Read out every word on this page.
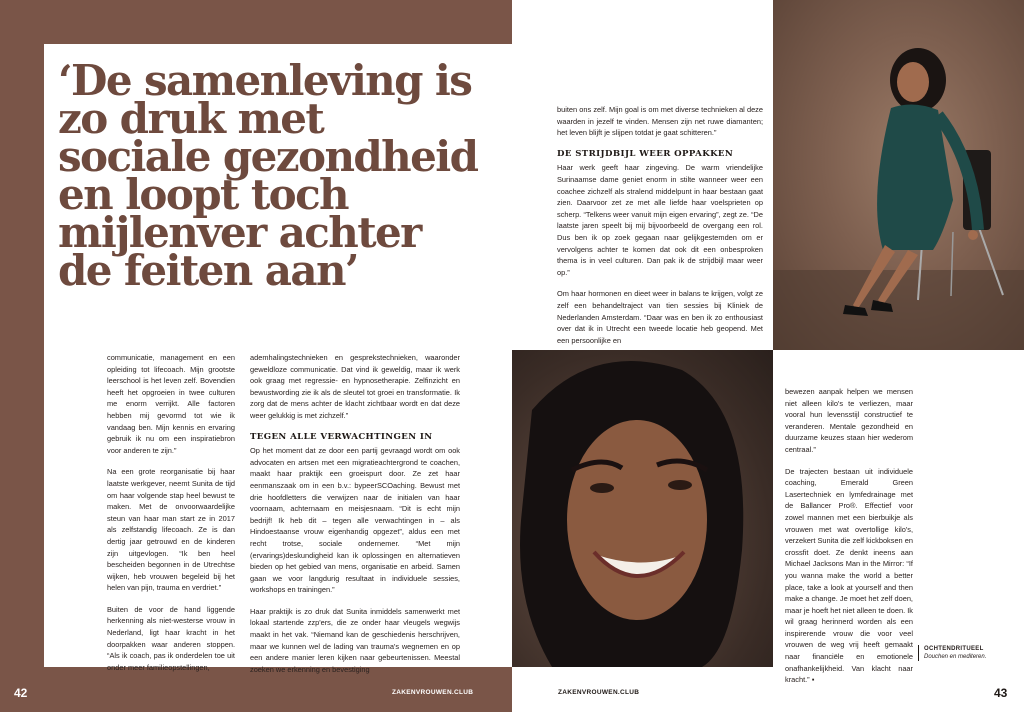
‘De samenleving is zo druk met sociale gezondheid en loopt toch mijlenver achter de feiten aan’

communicatie, management en een opleiding tot lifecoach. Mijn grootste leerschool is het leven zelf. Bovendien heeft het opgroeien in twee culturen me enorm verrijkt. Alle factoren hebben mij gevormd tot wie ik vandaag ben. Mijn kennis en ervaring gebruik ik nu om een inspiratiebron voor anderen te zijn.”

Na een grote reorganisatie bij haar laatste werkgever, neemt Sunita de tijd om haar volgende stap heel bewust te maken. Met de onvoorwaardelijke steun van haar man start ze in 2017 als zelfstandig lifecoach. Ze is dan dertig jaar getrouwd en de kinderen zijn uitgevlogen. “Ik ben heel bescheiden begonnen in de Utrechtse wijken, heb vrouwen begeleid bij het helen van pijn, trauma en verdriet.”

Buiten de voor de hand liggende herkenning als niet-westerse vrouw in Nederland, ligt haar kracht in het doorpakken waar anderen stoppen. “Als ik coach, pas ik onderdelen toe uit onder meer familieopstellingen,

ademhalingstechnieken en gesprekstechnieken, waaronder geweldloze communicatie. Dat vind ik geweldig, maar ik werk ook graag met regressie- en hypnosetherapie. Zelfinzicht en bewustwording zie ik als de sleutel tot groei en transformatie. Ik zorg dat de mens achter de klacht zichtbaar wordt en dat deze weer gelukkig is met zichzelf.”

TEGEN ALLE VERWACHTINGEN IN

Op het moment dat ze door een partij gevraagd wordt om ook advocaten en artsen met een migratieachtergrond te coachen, maakt haar praktijk een groeispurt door. Ze zet haar eenmanszaak om in een b.v.: bypeerSCOaching. Bewust met drie hoofdletters die verwijzen naar de initialen van haar voornaam, achternaam en meisjesnaam. “Dit is echt mijn bedrijf! Ik heb dit – tegen alle verwachtingen in – als Hindoestaanse vrouw eigenhandig opgezet”, aldus een met recht trotse, sociale ondernemer. “Met mijn (ervarings)deskundigheid kan ik oplossingen en alternatieven bieden op het gebied van mens, organisatie en arbeid. Samen gaan we voor langdurig resultaat in individuele sessies, workshops en trainingen.”

Haar praktijk is zo druk dat Sunita inmiddels samenwerkt met lokaal startende zzp'ers, die ze onder haar vleugels wegwijs maakt in het vak. “Niemand kan de geschiedenis herschrijven, maar we kunnen wel de lading van trauma's wegnemen en op een andere manier leren kijken naar gebeurtenissen. Meestal zoeken we erkenning en bevestiging

buiten ons zelf. Mijn goal is om met diverse technieken al deze waarden in jezelf te vinden. Mensen zijn net ruwe diamanten; het leven blijft je slijpen totdat je gaat schitteren.”

DE STRIJDBIJL WEER OPPAKKEN

Haar werk geeft haar zingeving. De warm vriendelijke Surinaamse dame geniet enorm in stilte wanneer weer een coachee zichzelf als stralend middelpunt in haar bestaan gaat zien. Daarvoor zet ze met alle liefde haar voelsprieten op scherp. “Telkens weer vanuit mijn eigen ervaring”, zegt ze. “De laatste jaren speelt bij mij bijvoorbeeld de overgang een rol. Dus ben ik op zoek gegaan naar gelijkgestemden om er vervolgens achter te komen dat ook dit een onbesproken thema is in veel culturen. Dan pak ik de strijdbijl maar weer op.”

Om haar hormonen en dieet weer in balans te krijgen, volgt ze zelf een behandeltraject van tien sessies bij Kliniek de Nederlanden Amsterdam. “Daar was en ben ik zo enthousiast over dat ik in Utrecht een tweede locatie heb geopend. Met een persoonlijke en

bewezen aanpak helpen we mensen niet alleen kilo's te verliezen, maar vooral hun levensstijl constructief te veranderen. Mentale gezondheid en duurzame keuzes staan hier wederom centraal.”

De trajecten bestaan uit individuele coaching, Emerald Green Lasertechniek en lymfedrainage met de Ballancer Pro®. Effectief voor zowel mannen met een bierbuikje als vrouwen met wat overtollige kilo's, verzekert Sunita die zelf kickboksen en crossfit doet. Ze denkt ineens aan Michael Jacksons Man in the Mirror: “If you wanna make the world a better place, take a look at yourself and then make a change. Je moet het zelf doen, maar je hoeft het niet alleen te doen. Ik wil graag herinnerd worden als een inspirerende vrouw die voor veel vrouwen de weg vrij heeft gemaakt naar financiële en emotionele onafhankelijkheid. Van klacht naar kracht.” ▪

OCHTENDRITUEEL
Douchen en mediteren.
42	43
ZAKENVROUWEN.CLUB	ZAKENVROUWEN.CLUB
